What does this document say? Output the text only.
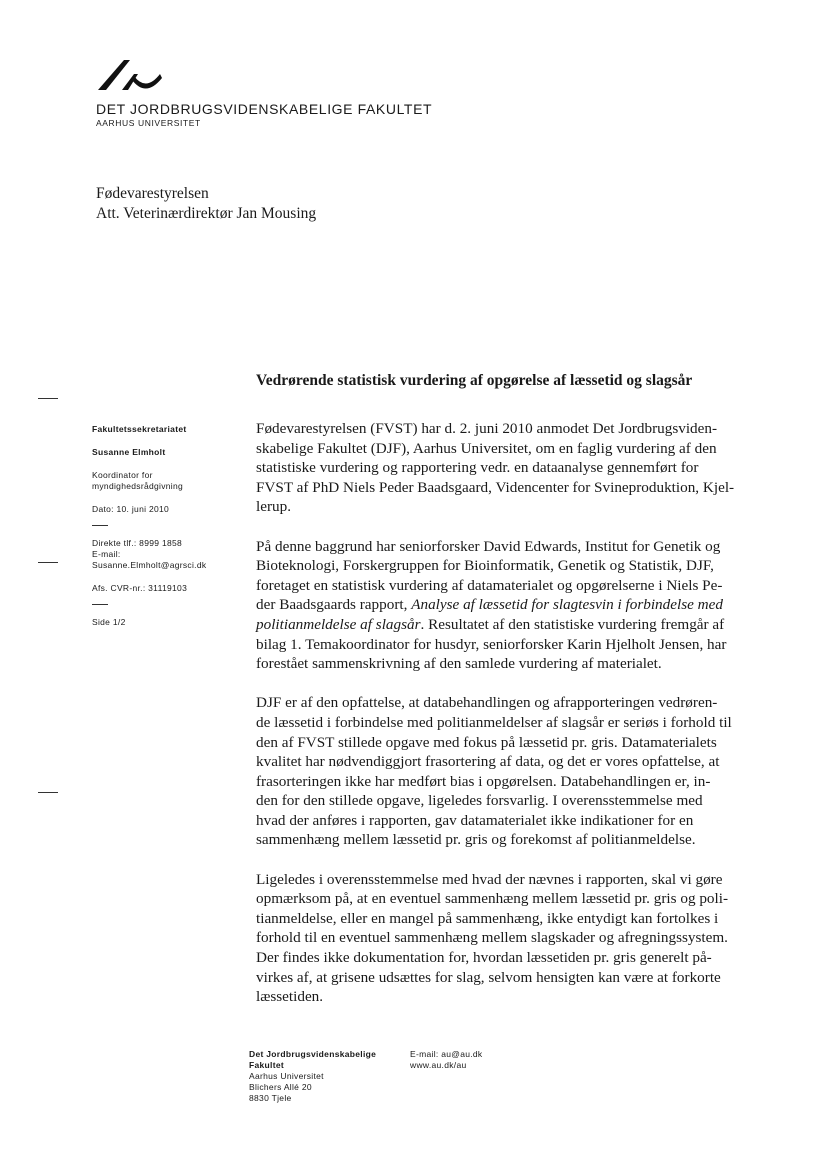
DET JORDBRUGSVIDENSKABELIGE FAKULTET
AARHUS UNIVERSITET
Fødevarestyrelsen
Att. Veterinærdirektør Jan Mousing
Vedrørende statistisk vurdering af opgørelse af læssetid og slagsår
Fakultetssekretariatet
Susanne Elmholt
Koordinator for
myndighedsrådgivning
Dato: 10. juni 2010
Direkte tlf.: 8999 1858
E-mail:
Susanne.Elmholt@agrsci.dk
Afs. CVR-nr.: 31119103
Side 1/2

Fødevarestyrelsen (FVST) har d. 2. juni 2010 anmodet Det Jordbrugsviden-
skabelige Fakultet (DJF), Aarhus Universitet, om en faglig vurdering af den
statistiske vurdering og rapportering vedr. en dataanalyse gennemført for
FVST af PhD Niels Peder Baadsgaard, Videncenter for Svineproduktion, Kjel-
lerup.

På denne baggrund har seniorforsker David Edwards, Institut for Genetik og
Bioteknologi, Forskergruppen for Bioinformatik, Genetik og Statistik, DJF,
foretaget en statistisk vurdering af datamaterialet og opgørelserne i Niels Pe-
der Baadsgaards rapport, Analyse af læssetid for slagtesvin i forbindelse med
politianmeldelse af slagsår. Resultatet af den statistiske vurdering fremgår af
bilag 1. Temakoordinator for husdyr, seniorforsker Karin Hjelholt Jensen, har
forestået sammenskrivning af den samlede vurdering af materialet.

DJF er af den opfattelse, at databehandlingen og afrapporteringen vedrøren-
de læssetid i forbindelse med politianmeldelser af slagsår er seriøs i forhold til
den af FVST stillede opgave med fokus på læssetid pr. gris. Datamaterialets
kvalitet har nødvendiggjort frasortering af data, og det er vores opfattelse, at
frasorteringen ikke har medført bias i opgørelsen. Databehandlingen er, in-
den for den stillede opgave, ligeledes forsvarlig. I overensstemmelse med
hvad der anføres i rapporten, gav datamaterialet ikke indikationer for en
sammenhæng mellem læssetid pr. gris og forekomst af politianmeldelse.

Ligeledes i overensstemmelse med hvad der nævnes i rapporten, skal vi gøre
opmærksom på, at en eventuel sammenhæng mellem læssetid pr. gris og poli-
tianmeldelse, eller en mangel på sammenhæng, ikke entydigt kan fortolkes i
forhold til en eventuel sammenhæng mellem slagskader og afregningssystem.
Der findes ikke dokumentation for, hvordan læssetiden pr. gris generelt på-
virkes af, at grisene udsættes for slag, selvom hensigten kan være at forkorte
læssetiden.

Det Jordbrugsvidenskabelige
Fakultet
Aarhus Universitet
Blichers Allé 20
8830 Tjele
E-mail: au@au.dk
www.au.dk/au
